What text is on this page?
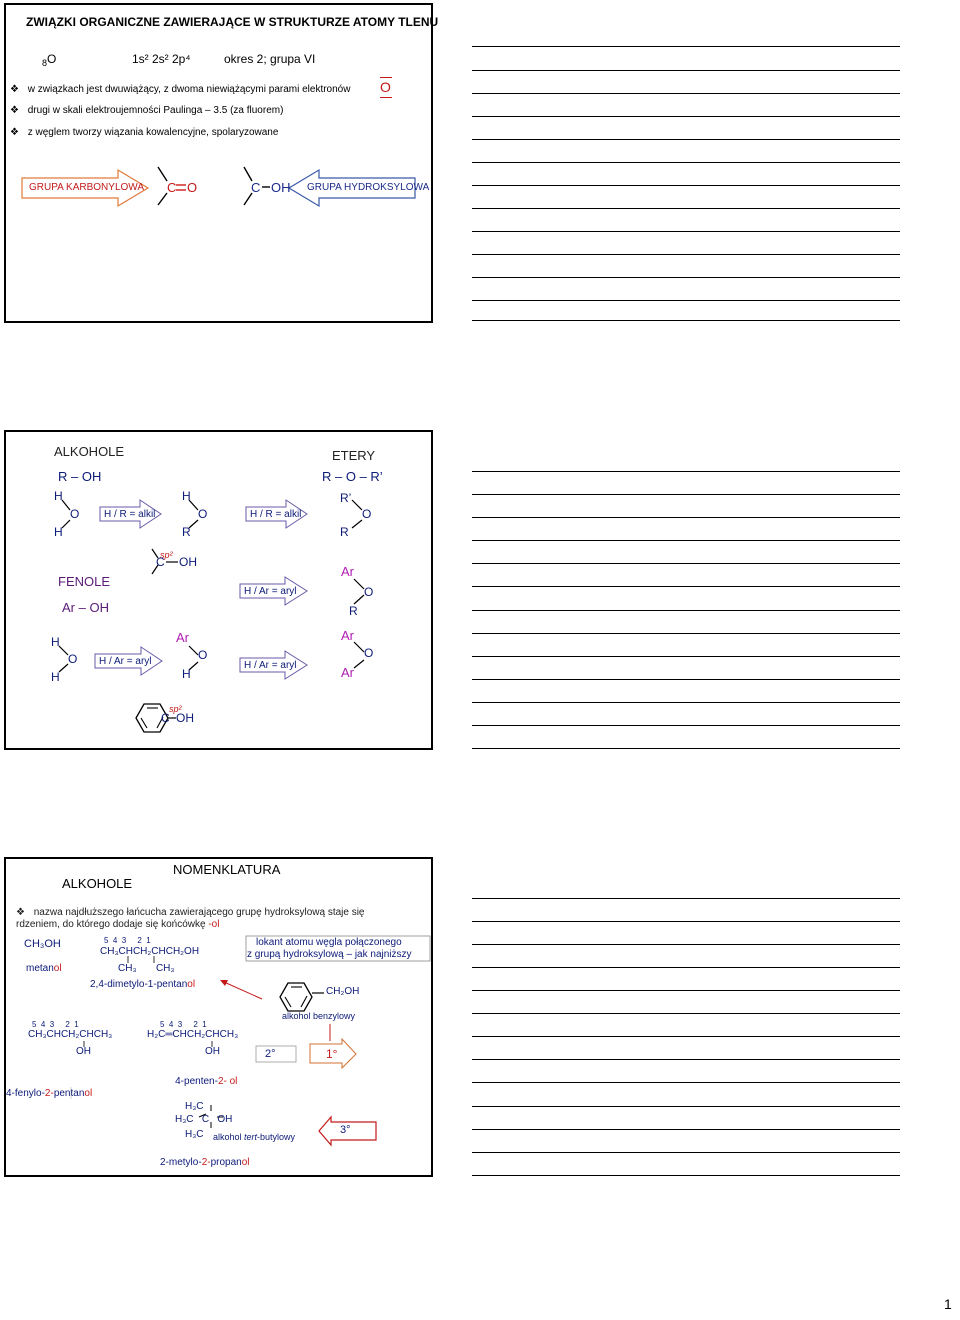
ZWIĄZKI ORGANICZNE ZAWIERAJĄCE W STRUKTURZE ATOMY TLENU
$_8$O	1s² 2s² 2p⁴	okres 2; grupa VI
❖ w związkach jest dwuwiążący, z dwoma niewiążącymi parami elektronów
❖ drugi w skali elektroujemności Paulinga – 3.5 (za fluorem)
❖ z węglem tworzy wiązania kowalencyjne, spolaryzowane
O
GRUPA KARBONYLOWA	GRUPA HYDROKSYLOWA
C O	C OH
ALKOHOLE	ETERY
R – OH	R – O – R’
H
O
H
H / R = alkil
H
O
R
H / R = alkil
R’
O
R
sp²
C OH
FENOLE
Ar – OH
H / Ar = aryl
Ar
O
R
H
O
H
H / Ar = aryl
Ar
O
H
H / Ar = aryl
Ar
O
Ar
sp²
C OH
NOMENKLATURA
ALKOHOLE
❖ nazwa najdłuższego łańcucha zawierającego grupę hydroksylową staje się rdzeniem, do którego dodaje się końcówkę -ol
CH₃OH
metanol
5  4  3     2  1
CH₃CHCH₂CHCH₂OH
CH₃       CH₃
2,4-dimetylo-1-pentanol
lokant atomu węgla połączonego
z grupą hydroksylową – jak najniższy
CH₂OH
alkohol benzylowy
5  4  3     2  1
CH₃CHCH₂CHCH₃
OH
5  4  3     2  1
H₂C═CHCH₂CHCH₃
OH

4-penten-2- ol

2°	1°
3°
H₃C
H₃C   C   OH
H₃C alkohol tert-butylowy
2-metylo-2-propanol
4-fenylo-2-pentanol
1
